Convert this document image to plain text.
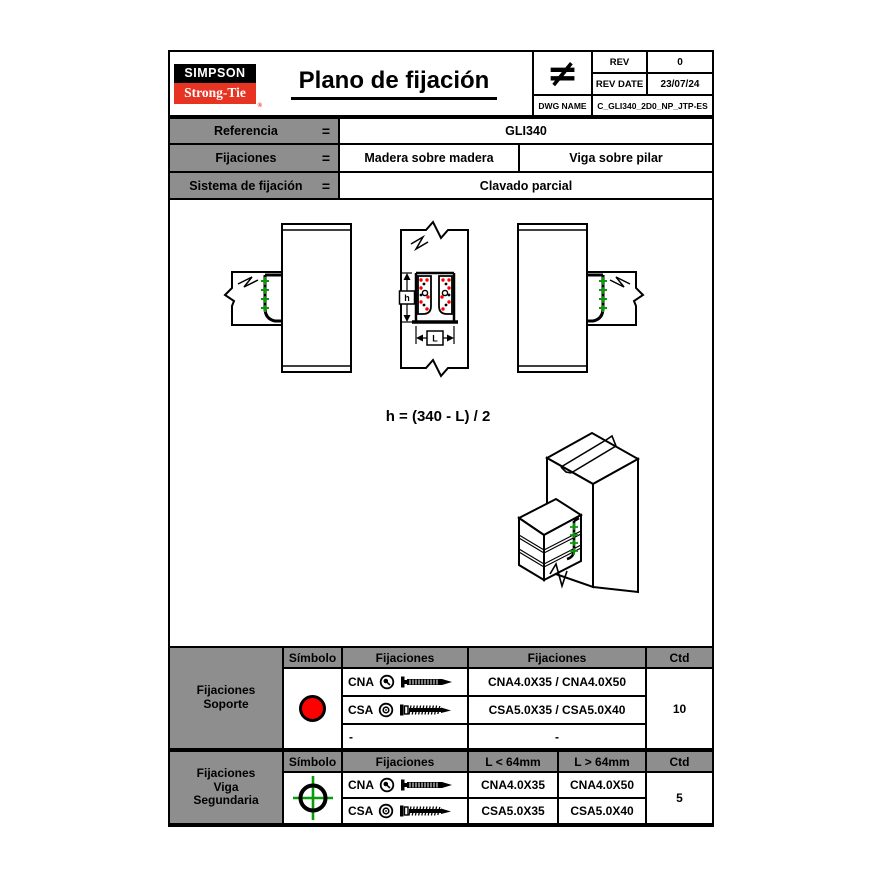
SIMPSON
Strong-Tie
®
Plano de fijación	≠	REV	0
REV DATE	23/07/24
DWG NAME	C_GLI340_2D0_NP_JTP-ES
Referencia	=	GLI340
Fijaciones	=	Madera sobre madera	Viga sobre pilar
Sistema de fijación	=	Clavado parcial
h
L
h = (340 - L) / 2
Fijaciones
Soporte
Símbolo	Fijaciones	Fijaciones	Ctd
CNA	CNA4.0X35 / CNA4.0X50
CSA	CSA5.0X35 / CSA5.0X40
-	-
10
Fijaciones
Viga
Segundaria
Símbolo	Fijaciones	L < 64mm	L > 64mm	Ctd
CNA	CNA4.0X35	CNA4.0X50
CSA	CSA5.0X35	CSA5.0X40
5
